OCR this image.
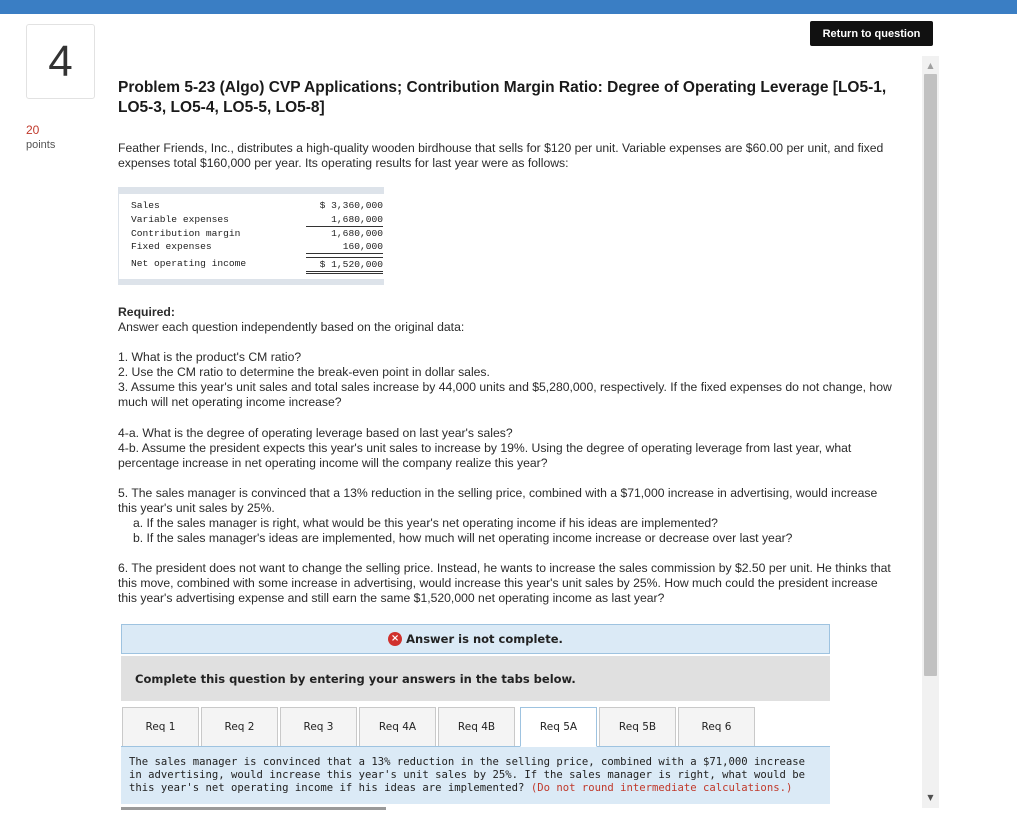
4
20
points
Return to question
▲
▼
Problem 5-23 (Algo) CVP Applications; Contribution Margin Ratio: Degree of Operating Leverage [LO5-1, LO5-3, LO5-4, LO5-5, LO5-8]
Feather Friends, Inc., distributes a high-quality wooden birdhouse that sells for $120 per unit. Variable expenses are $60.00 per unit, and fixed expenses total $160,000 per year. Its operating results for last year were as follows:
Sales	$ 3,360,000
Variable expenses	1,680,000
Contribution margin	1,680,000
Fixed expenses	160,000
Net operating income	$ 1,520,000
Required:
Answer each question independently based on the original data:
1. What is the product's CM ratio?
2. Use the CM ratio to determine the break-even point in dollar sales.
3. Assume this year's unit sales and total sales increase by 44,000 units and $5,280,000, respectively. If the fixed expenses do not change, how much will net operating income increase?
4-a. What is the degree of operating leverage based on last year's sales?
4-b. Assume the president expects this year's unit sales to increase by 19%. Using the degree of operating leverage from last year, what percentage increase in net operating income will the company realize this year?
5. The sales manager is convinced that a 13% reduction in the selling price, combined with a $71,000 increase in advertising, would increase this year's unit sales by 25%.
a. If the sales manager is right, what would be this year's net operating income if his ideas are implemented?
b. If the sales manager's ideas are implemented, how much will net operating income increase or decrease over last year?
6. The president does not want to change the selling price. Instead, he wants to increase the sales commission by $2.50 per unit. He thinks that this move, combined with some increase in advertising, would increase this year's unit sales by 25%. How much could the president increase this year's advertising expense and still earn the same $1,520,000 net operating income as last year?
× Answer is not complete.
Complete this question by entering your answers in the tabs below.
Req 1	Req 2	Req 3	Req 4A	Req 4B	Req 5A	Req 5B	Req 6
The sales manager is convinced that a 13% reduction in the selling price, combined with a $71,000 increase in advertising, would increase this year's unit sales by 25%. If the sales manager is right, what would be this year's net operating income if his ideas are implemented? (Do not round intermediate calculations.)
